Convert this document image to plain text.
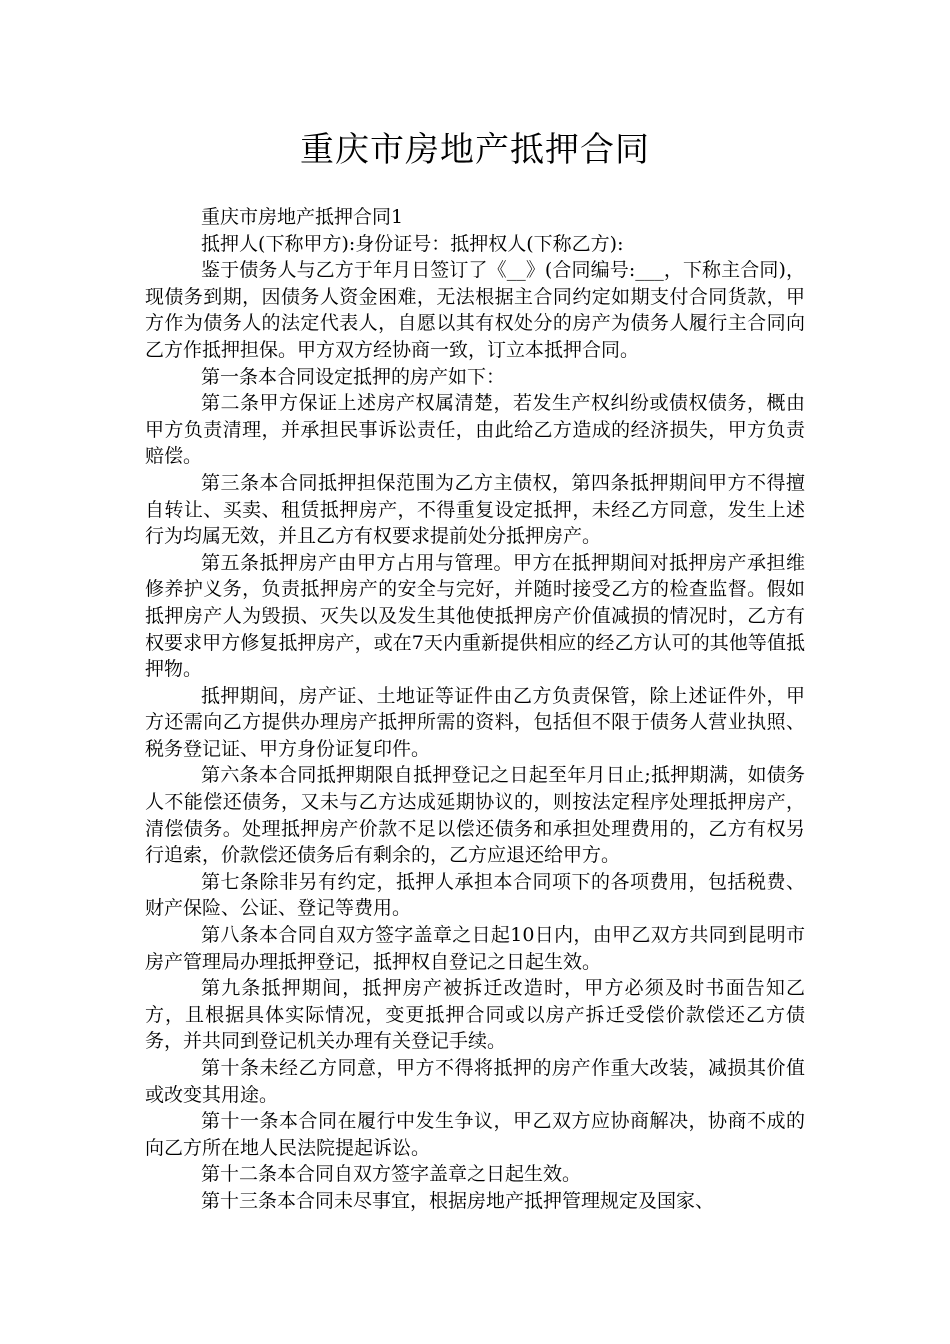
重庆市房地产抵押合同

重庆市房地产抵押合同1

抵押人(下称甲方):身份证号：抵押权人(下称乙方):

鉴于债务人与乙方于年月日签订了《__》(合同编号:___，下称主合同)，现债务到期，因债务人资金困难，无法根据主合同约定如期支付合同货款，甲方作为债务人的法定代表人，自愿以其有权处分的房产为债务人履行主合同向乙方作抵押担保。甲方双方经协商一致，订立本抵押合同。

第一条本合同设定抵押的房产如下：

第二条甲方保证上述房产权属清楚，若发生产权纠纷或债权债务，概由甲方负责清理，并承担民事诉讼责任，由此给乙方造成的经济损失，甲方负责赔偿。

第三条本合同抵押担保范围为乙方主债权，第四条抵押期间甲方不得擅自转让、买卖、租赁抵押房产，不得重复设定抵押，未经乙方同意，发生上述行为均属无效，并且乙方有权要求提前处分抵押房产。

第五条抵押房产由甲方占用与管理。甲方在抵押期间对抵押房产承担维修养护义务，负责抵押房产的安全与完好，并随时接受乙方的检查监督。假如抵押房产人为毁损、灭失以及发生其他使抵押房产价值减损的情况时，乙方有权要求甲方修复抵押房产，或在7天内重新提供相应的经乙方认可的其他等值抵押物。

抵押期间，房产证、土地证等证件由乙方负责保管，除上述证件外，甲方还需向乙方提供办理房产抵押所需的资料，包括但不限于债务人营业执照、税务登记证、甲方身份证复印件。

第六条本合同抵押期限自抵押登记之日起至年月日止;抵押期满，如债务人不能偿还债务，又未与乙方达成延期协议的，则按法定程序处理抵押房产，清偿债务。处理抵押房产价款不足以偿还债务和承担处理费用的，乙方有权另行追索，价款偿还债务后有剩余的，乙方应退还给甲方。

第七条除非另有约定，抵押人承担本合同项下的各项费用，包括税费、财产保险、公证、登记等费用。

第八条本合同自双方签字盖章之日起10日内，由甲乙双方共同到昆明市房产管理局办理抵押登记，抵押权自登记之日起生效。

第九条抵押期间，抵押房产被拆迁改造时，甲方必须及时书面告知乙方，且根据具体实际情况，变更抵押合同或以房产拆迁受偿价款偿还乙方债务，并共同到登记机关办理有关登记手续。

第十条未经乙方同意，甲方不得将抵押的房产作重大改装，减损其价值或改变其用途。

第十一条本合同在履行中发生争议，甲乙双方应协商解决，协商不成的向乙方所在地人民法院提起诉讼。

第十二条本合同自双方签字盖章之日起生效。

第十三条本合同未尽事宜，根据房地产抵押管理规定及国家、
